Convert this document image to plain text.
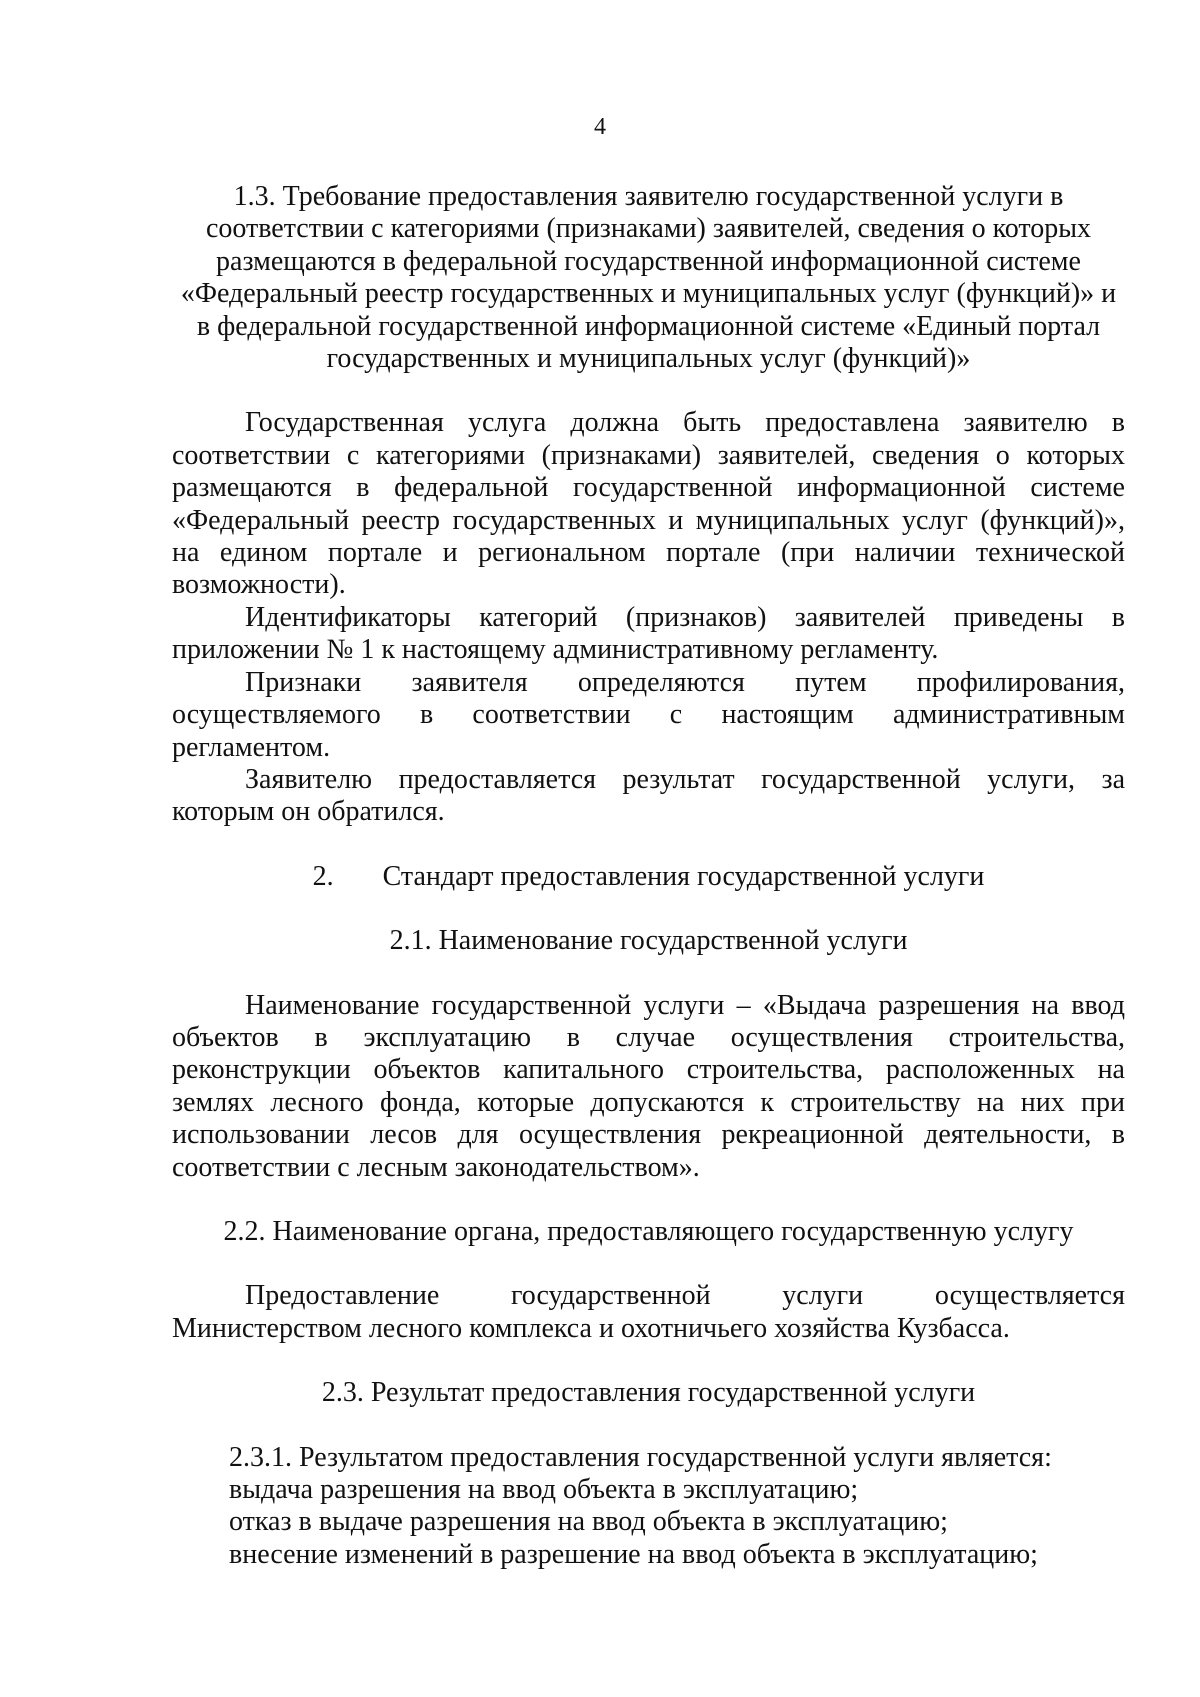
4

1.3. Требование предоставления заявителю государственной услуги в соответствии с категориями (признаками) заявителей, сведения о которых размещаются в федеральной государственной информационной системе «Федеральный реестр государственных и муниципальных услуг (функций)» и в федеральной государственной информационной системе «Единый портал государственных и муниципальных услуг (функций)»

Государственная услуга должна быть предоставлена заявителю в соответствии с категориями (признаками) заявителей, сведения о которых размещаются в федеральной государственной информационной системе «Федеральный реестр государственных и муниципальных услуг (функций)», на едином портале и региональном портале (при наличии технической возможности).

Идентификаторы категорий (признаков) заявителей приведены в приложении № 1 к настоящему административному регламенту.

Признаки заявителя определяются путем профилирования, осуществляемого в соответствии с настоящим административным регламентом.

Заявителю предоставляется результат государственной услуги, за которым он обратился.

2. Стандарт предоставления государственной услуги

2.1. Наименование государственной услуги

Наименование государственной услуги – «Выдача разрешения на ввод объектов в эксплуатацию в случае осуществления строительства, реконструкции объектов капитального строительства, расположенных на землях лесного фонда, которые допускаются к строительству на них при использовании лесов для осуществления рекреационной деятельности, в соответствии с лесным законодательством».

2.2. Наименование органа, предоставляющего государственную услугу

Предоставление государственной услуги осуществляется Министерством лесного комплекса и охотничьего хозяйства Кузбасса.

2.3. Результат предоставления государственной услуги

2.3.1. Результатом предоставления государственной услуги является:
выдача разрешения на ввод объекта в эксплуатацию;
отказ в выдаче разрешения на ввод объекта в эксплуатацию;
внесение изменений в разрешение на ввод объекта в эксплуатацию;
